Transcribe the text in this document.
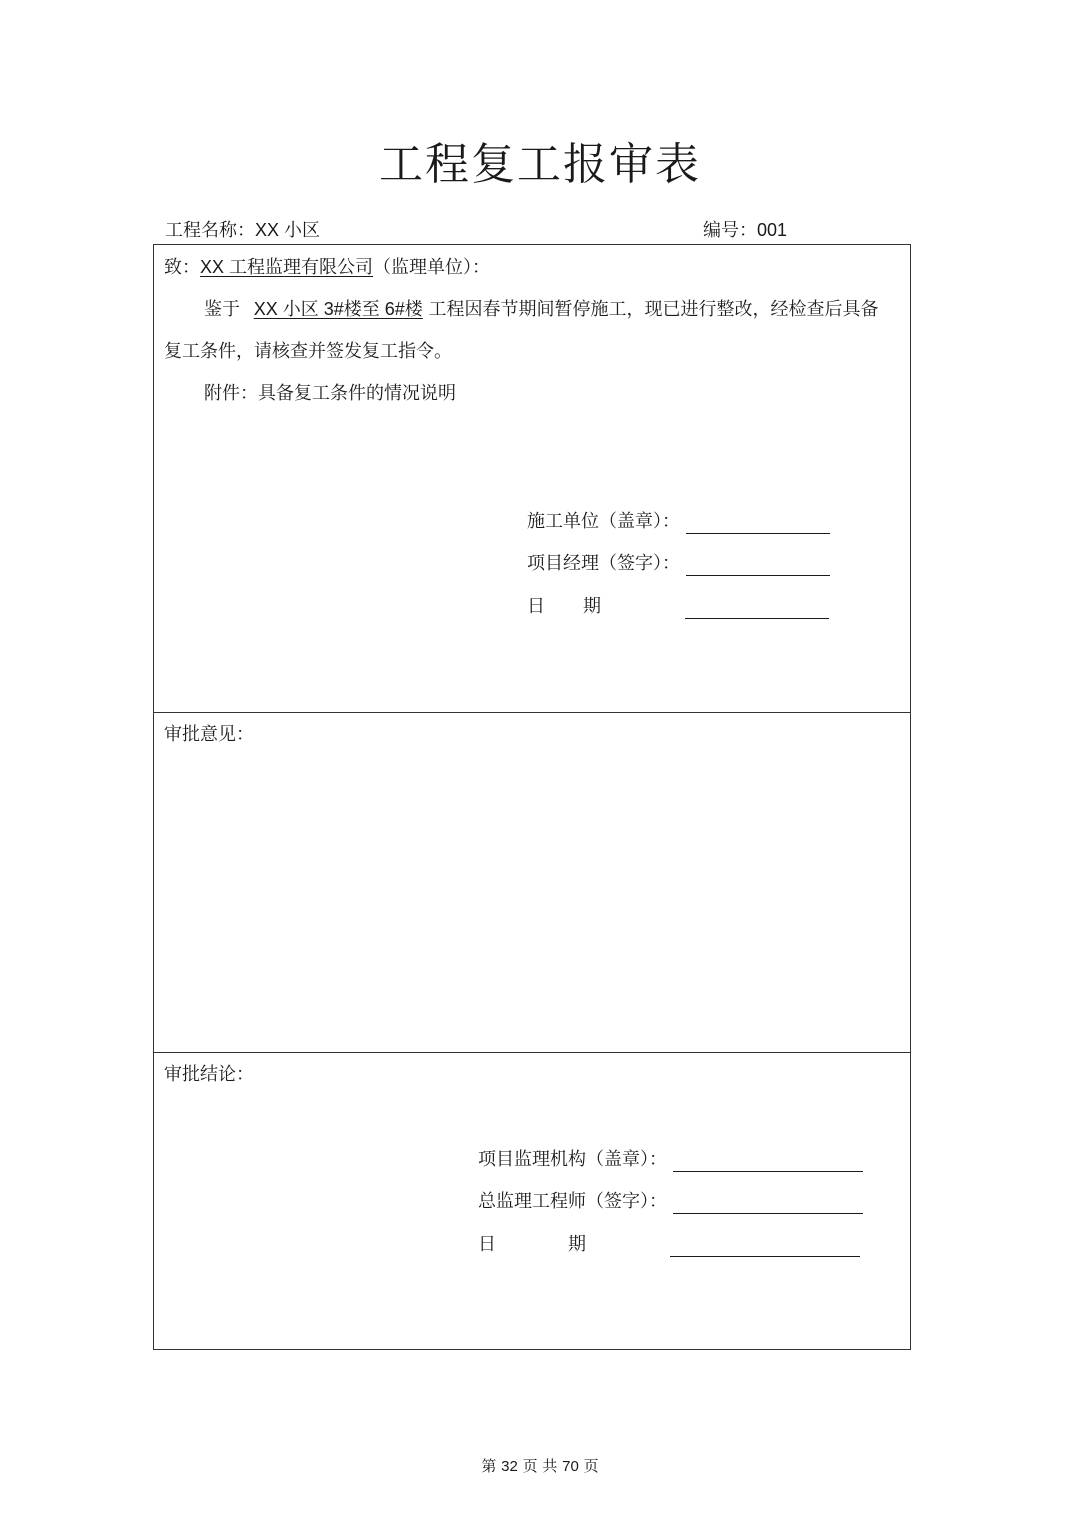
工程复工报审表
工程名称：XX 小区	编号：001
致：XX 工程监理有限公司（监理单位）：
鉴于 XX 小区 3#楼至 6#楼 工程因春节期间暂停施工，现已进行整改，经检查后具备
复工条件，请核查并签发复工指令。
附件：具备复工条件的情况说明
施工单位（盖章）：
项目经理（签字）：
日 期
审批意见：
审批结论：
项目监理机构（盖章）：
总监理工程师（签字）：
日	期
第 32 页 共 70 页
